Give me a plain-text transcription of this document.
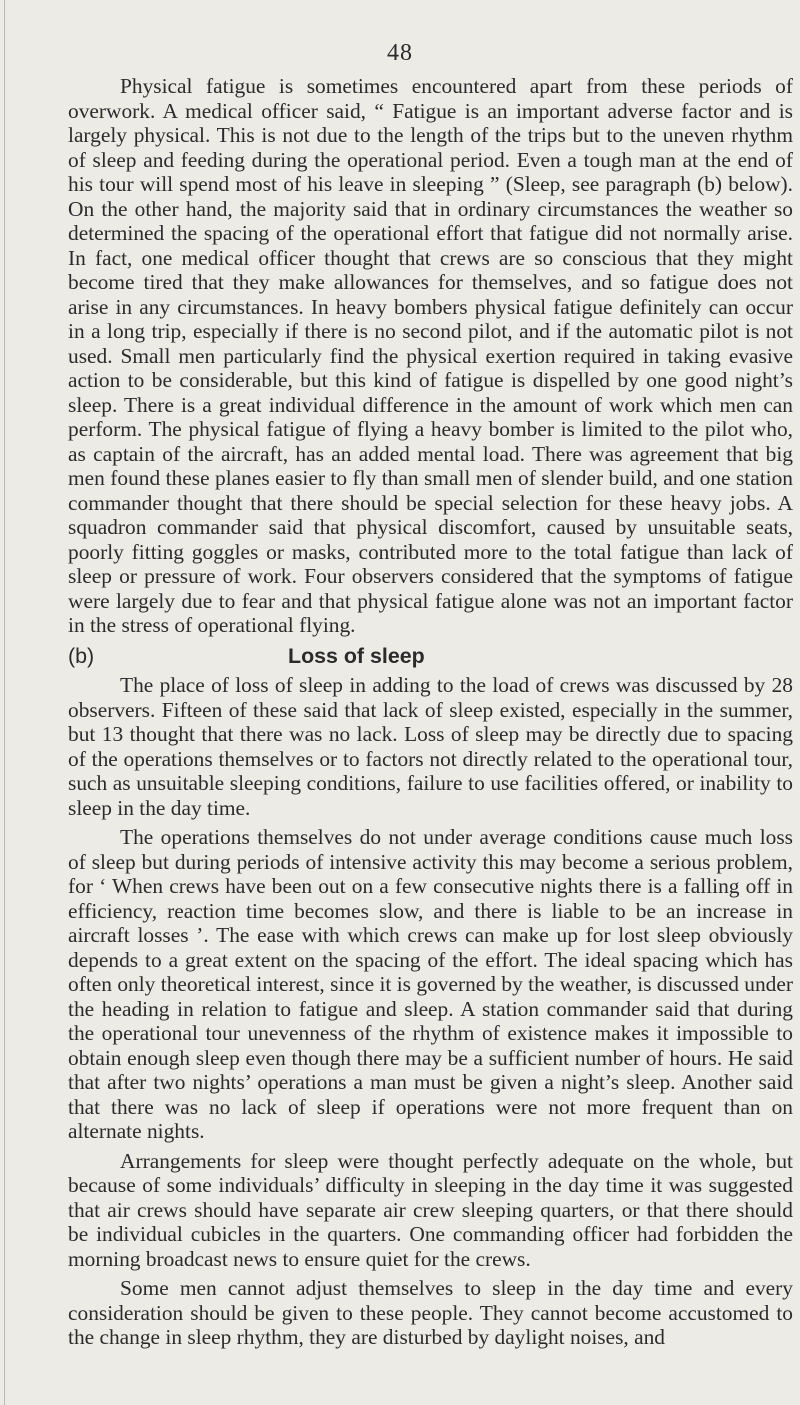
48

Physical fatigue is sometimes encountered apart from these periods of overwork. A medical officer said, “ Fatigue is an important adverse factor and is largely physical. This is not due to the length of the trips but to the uneven rhythm of sleep and feeding during the operational period. Even a tough man at the end of his tour will spend most of his leave in sleeping ” (Sleep, see paragraph (b) below). On the other hand, the majority said that in ordinary circumstances the weather so determined the spacing of the operational effort that fatigue did not normally arise. In fact, one medical officer thought that crews are so conscious that they might become tired that they make allowances for themselves, and so fatigue does not arise in any circumstances. In heavy bombers physical fatigue definitely can occur in a long trip, especially if there is no second pilot, and if the automatic pilot is not used. Small men particularly find the physical exertion required in taking evasive action to be considerable, but this kind of fatigue is dispelled by one good night’s sleep. There is a great individual difference in the amount of work which men can perform. The physical fatigue of flying a heavy bomber is limited to the pilot who, as captain of the aircraft, has an added mental load. There was agreement that big men found these planes easier to fly than small men of slender build, and one station commander thought that there should be special selection for these heavy jobs. A squadron commander said that physical discomfort, caused by unsuitable seats, poorly fitting goggles or masks, contributed more to the total fatigue than lack of sleep or pressure of work. Four observers considered that the symptoms of fatigue were largely due to fear and that physical fatigue alone was not an important factor in the stress of operational flying.

(b)	Loss of sleep

The place of loss of sleep in adding to the load of crews was discussed by 28 observers. Fifteen of these said that lack of sleep existed, especially in the summer, but 13 thought that there was no lack. Loss of sleep may be directly due to spacing of the operations themselves or to factors not directly related to the operational tour, such as unsuitable sleeping conditions, failure to use facilities offered, or inability to sleep in the day time.

The operations themselves do not under average conditions cause much loss of sleep but during periods of intensive activity this may become a serious problem, for ‘ When crews have been out on a few consecutive nights there is a falling off in efficiency, reaction time becomes slow, and there is liable to be an increase in aircraft losses ’. The ease with which crews can make up for lost sleep obviously depends to a great extent on the spacing of the effort. The ideal spacing which has often only theoretical interest, since it is governed by the weather, is discussed under the heading in relation to fatigue and sleep. A station commander said that during the operational tour unevenness of the rhythm of existence makes it impossible to obtain enough sleep even though there may be a sufficient number of hours. He said that after two nights’ operations a man must be given a night’s sleep. Another said that there was no lack of sleep if operations were not more frequent than on alternate nights.

Arrangements for sleep were thought perfectly adequate on the whole, but because of some individuals’ difficulty in sleeping in the day time it was suggested that air crews should have separate air crew sleeping quarters, or that there should be individual cubicles in the quarters. One commanding officer had forbidden the morning broadcast news to ensure quiet for the crews.

Some men cannot adjust themselves to sleep in the day time and every consideration should be given to these people. They cannot become accustomed to the change in sleep rhythm, they are disturbed by daylight noises, and
